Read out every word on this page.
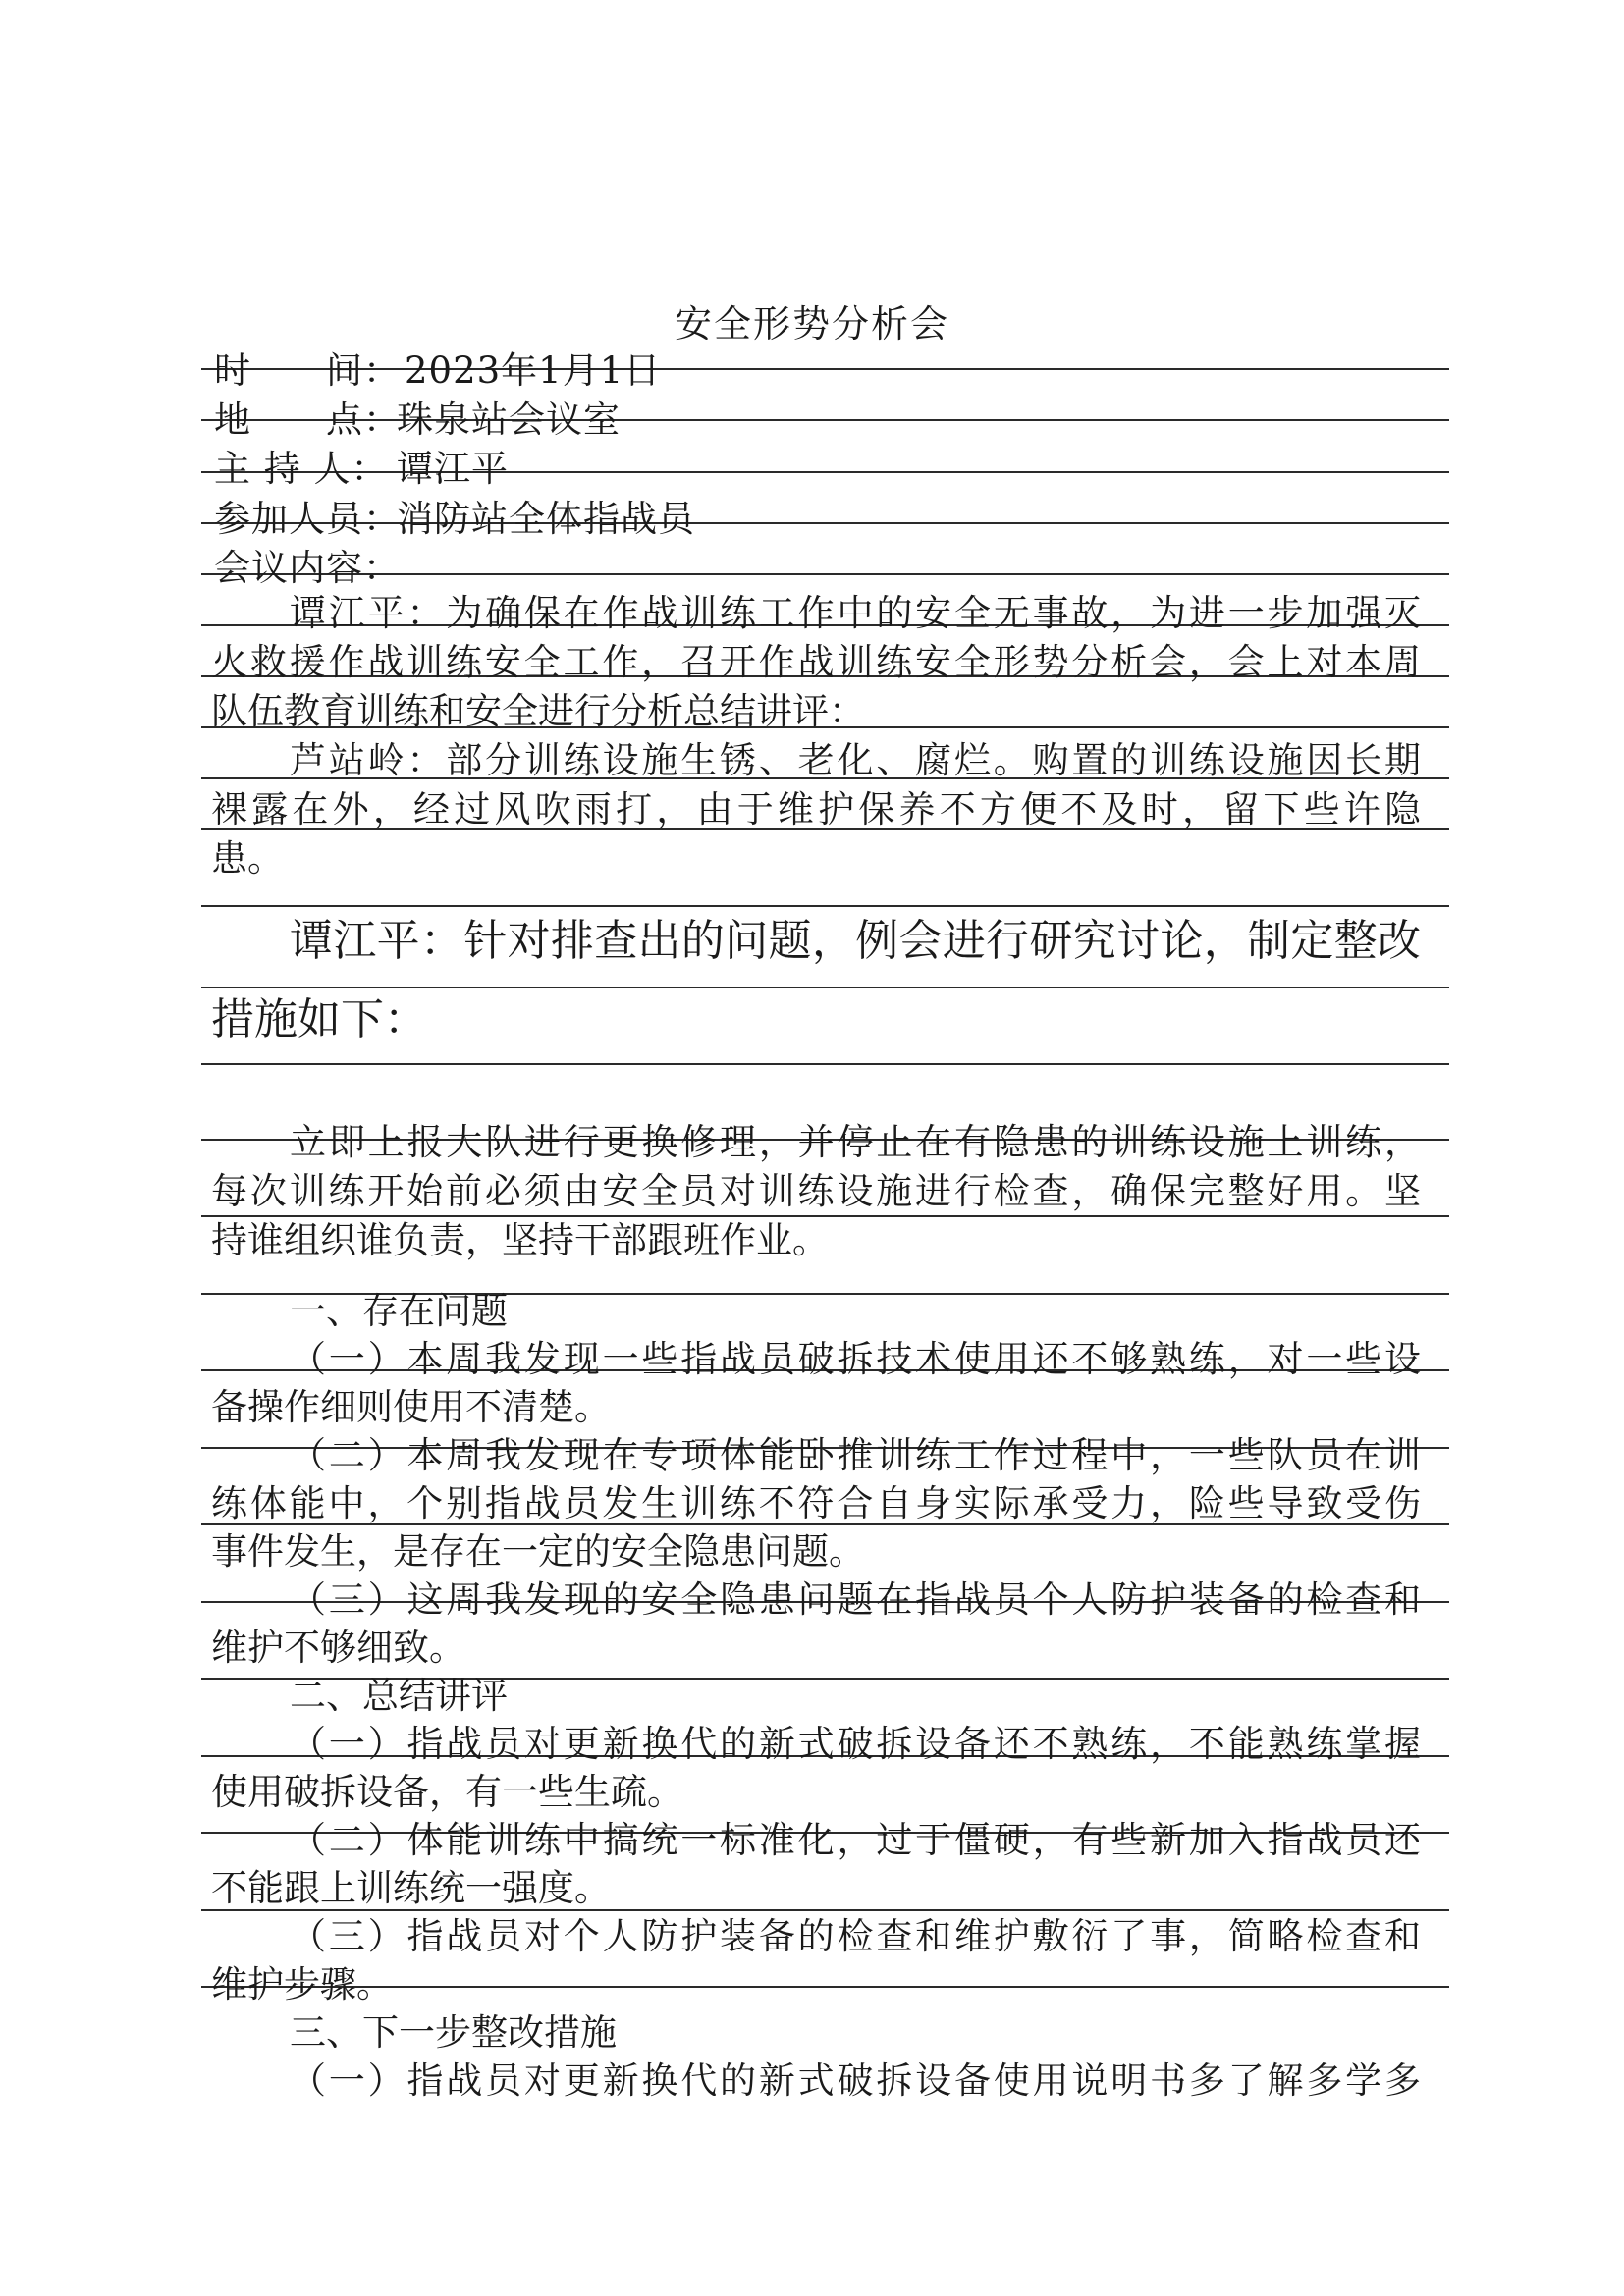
安全形势分析会
时　　间： 2023年1月1日
地　　点：
珠泉站会议室
主 持 人： 谭江平
参加人员：
消防站全体指战员
会议内容：
谭江平：为确保在作战训练工作中的安全无事故，为进一步加强灭
火救援作战训练安全工作，召开作战训练安全形势分析会，会上对本周
队伍教育训练和安全进行分析总结讲评：
芦站岭：部分训练设施生锈、老化、腐烂。购置的训练设施因长期
裸露在外，经过风吹雨打，由于维护保养不方便不及时，留下些许隐
患。
谭江平：针对排查出的问题，例会进行研究讨论，制定整改
措施如下：
立即上报大队进行更换修理，并停止在有隐患的训练设施上训练，
每次训练开始前必须由安全员对训练设施进行检查，确保完整好用。坚
持谁组织谁负责，坚持干部跟班作业。
一、存在问题
（一）本周我发现一些指战员破拆技术使用还不够熟练，对一些设
备操作细则使用不清楚。
（二）本周我发现在专项体能卧推训练工作过程中，一些队员在训
练体能中，个别指战员发生训练不符合自身实际承受力，险些导致受伤
事件发生，是存在一定的安全隐患问题。
（三）这周我发现的安全隐患问题在指战员个人防护装备的检查和
维护不够细致。
二、总结讲评
（一）指战员对更新换代的新式破拆设备还不熟练，不能熟练掌握
使用破拆设备，有一些生疏。
（二）体能训练中搞统一标准化，过于僵硬，有些新加入指战员还
不能跟上训练统一强度。
（三）指战员对个人防护装备的检查和维护敷衍了事，简略检查和
维护步骤。
三、下一步整改措施
（一）指战员对更新换代的新式破拆设备使用说明书多了解多学多
